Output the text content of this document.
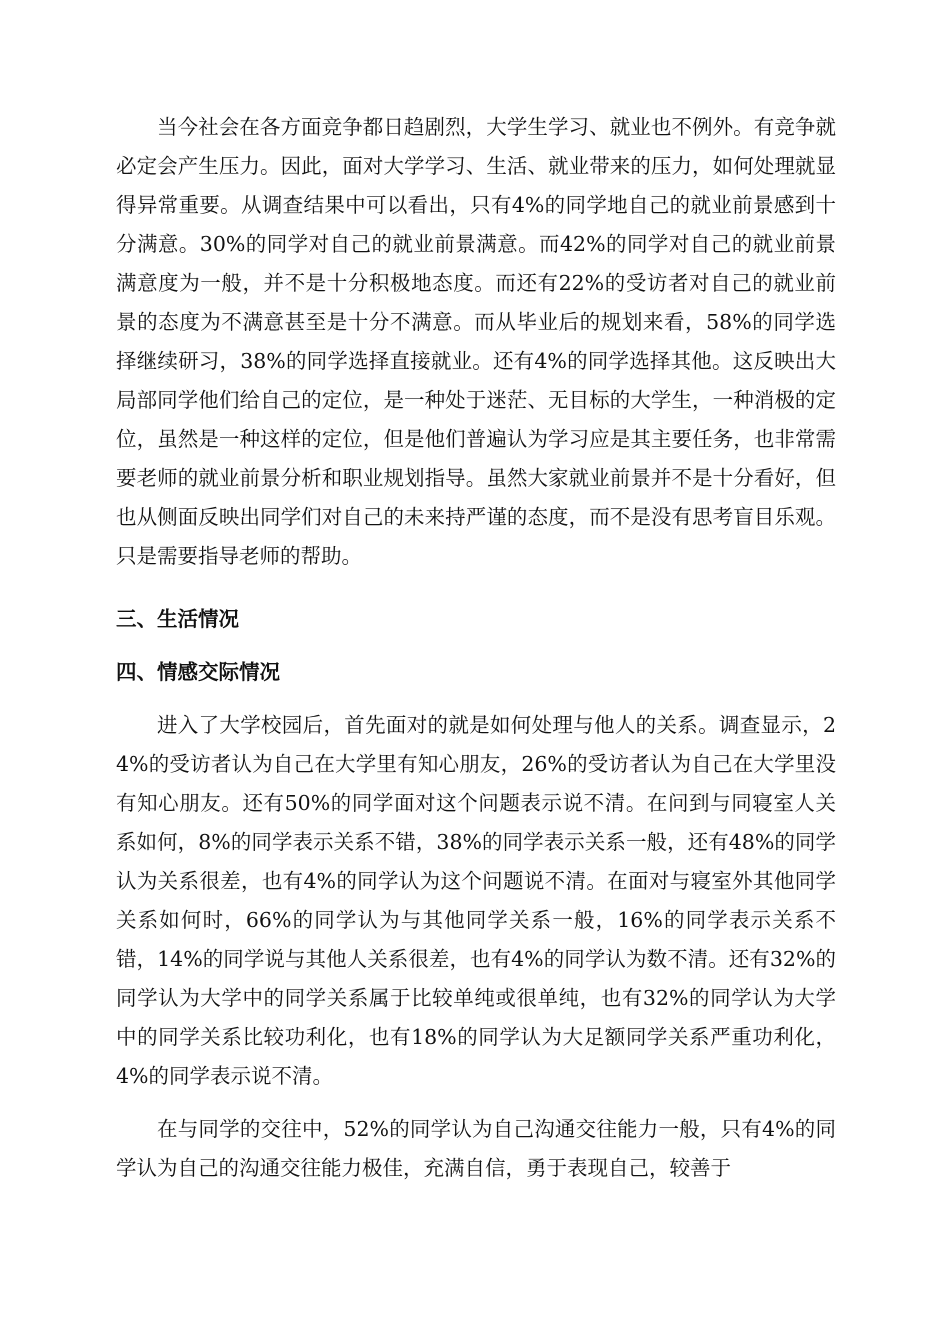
当今社会在各方面竞争都日趋剧烈，大学生学习、就业也不例外。有竞争就必定会产生压力。因此，面对大学学习、生活、就业带来的压力，如何处理就显得异常重要。从调查结果中可以看出，只有4%的同学地自己的就业前景感到十分满意。30%的同学对自己的就业前景满意。而42%的同学对自己的就业前景满意度为一般，并不是十分积极地态度。而还有22%的受访者对自己的就业前景的态度为不满意甚至是十分不满意。而从毕业后的规划来看，58%的同学选择继续研习，38%的同学选择直接就业。还有4%的同学选择其他。这反映出大局部同学他们给自己的定位，是一种处于迷茫、无目标的大学生，一种消极的定位，虽然是一种这样的定位，但是他们普遍认为学习应是其主要任务，也非常需要老师的就业前景分析和职业规划指导。虽然大家就业前景并不是十分看好，但也从侧面反映出同学们对自己的未来持严谨的态度，而不是没有思考盲目乐观。只是需要指导老师的帮助。

三、生活情况
四、情感交际情况

进入了大学校园后，首先面对的就是如何处理与他人的关系。调查显示，24%的受访者认为自己在大学里有知心朋友，26%的受访者认为自己在大学里没有知心朋友。还有50%的同学面对这个问题表示说不清。在问到与同寝室人关系如何，8%的同学表示关系不错，38%的同学表示关系一般，还有48%的同学认为关系很差，也有4%的同学认为这个问题说不清。在面对与寝室外其他同学关系如何时，66%的同学认为与其他同学关系一般，16%的同学表示关系不错，14%的同学说与其他人关系很差，也有4%的同学认为数不清。还有32%的同学认为大学中的同学关系属于比较单纯或很单纯，也有32%的同学认为大学中的同学关系比较功利化，也有18%的同学认为大足额同学关系严重功利化，4%的同学表示说不清。

在与同学的交往中，52%的同学认为自己沟通交往能力一般，只有4%的同学认为自己的沟通交往能力极佳，充满自信，勇于表现自己，较善于
